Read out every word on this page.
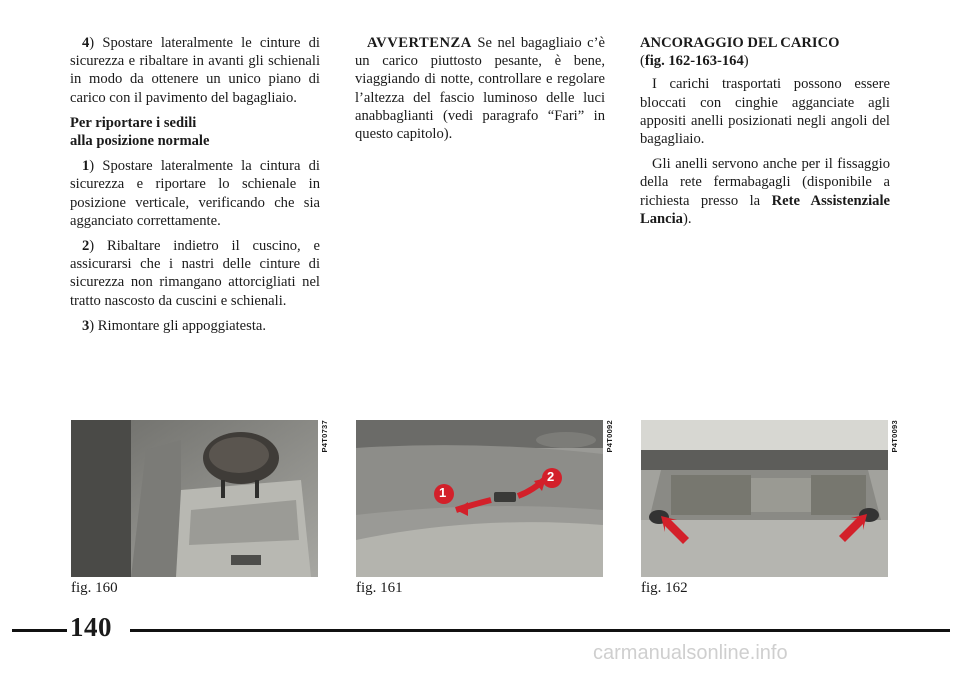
4) Spostare lateralmente le cinture di sicurezza e ribaltare in avanti gli schienali in modo da ottenere un unico piano di carico con il pavimento del bagagliaio.

Per riportare i sedili
alla posizione normale

1) Spostare lateralmente la cintura di sicurezza e riportare lo schienale in posizione verticale, verificando che sia agganciato correttamente.

2) Ribaltare indietro il cuscino, e assicurarsi che i nastri delle cinture di sicurezza non rimangano attorcigliati nel tratto nascosto da cuscini e schienali.

3) Rimontare gli appoggiatesta.

AVVERTENZA Se nel bagagliaio c’è un carico piuttosto pesante, è bene, viaggiando di notte, controllare e regolare l’altezza del fascio luminoso delle luci anabbaglianti (vedi paragrafo “Fari” in questo capitolo).

ANCORAGGIO DEL CARICO
(fig. 162-163-164)

I carichi trasportati possono essere bloccati con cinghie agganciate agli appositi anelli posizionati negli angoli del bagagliaio.

Gli anelli servono anche per il fissaggio della rete fermabagagli (disponibile a richiesta presso la Rete Assistenziale Lancia).

P4T0737
fig. 160
1
2
P4T0092
fig. 161
P4T0093
fig. 162
140
carmanualsonline.info
